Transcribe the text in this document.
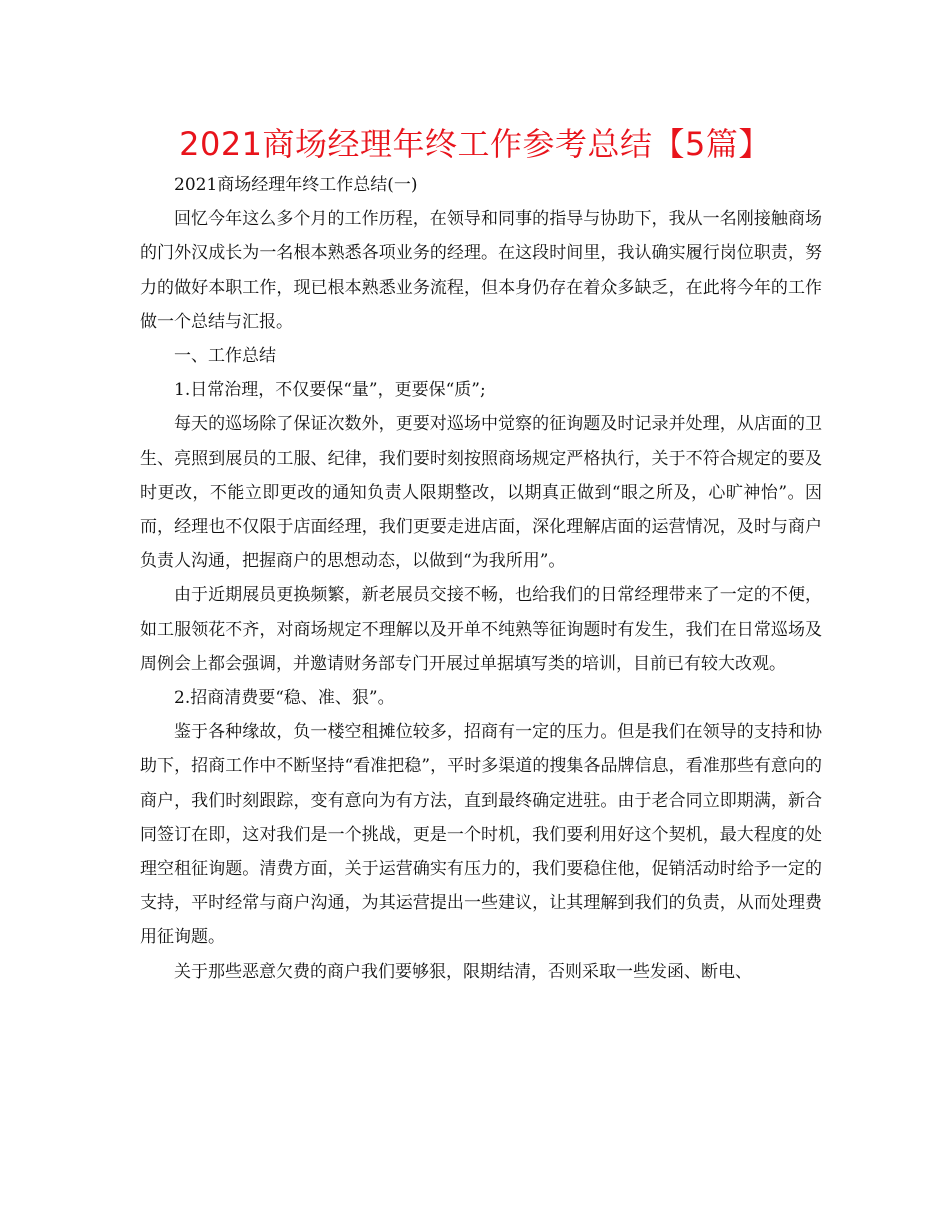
2021商场经理年终工作参考总结【5篇】

2021商场经理年终工作总结(一)

回忆今年这么多个月的工作历程，在领导和同事的指导与协助下，我从一名刚接触商场的门外汉成长为一名根本熟悉各项业务的经理。在这段时间里，我认确实履行岗位职责，努力的做好本职工作，现已根本熟悉业务流程，但本身仍存在着众多缺乏，在此将今年的工作做一个总结与汇报。

一、工作总结

1.日常治理，不仅要保“量”，更要保“质”;

每天的巡场除了保证次数外，更要对巡场中觉察的征询题及时记录并处理，从店面的卫生、亮照到展员的工服、纪律，我们要时刻按照商场规定严格执行，关于不符合规定的要及时更改，不能立即更改的通知负责人限期整改，以期真正做到“眼之所及，心旷神怡”。因而，经理也不仅限于店面经理，我们更要走进店面，深化理解店面的运营情况，及时与商户负责人沟通，把握商户的思想动态，以做到“为我所用”。

由于近期展员更换频繁，新老展员交接不畅，也给我们的日常经理带来了一定的不便，如工服领花不齐，对商场规定不理解以及开单不纯熟等征询题时有发生，我们在日常巡场及周例会上都会强调，并邀请财务部专门开展过单据填写类的培训，目前已有较大改观。

2.招商清费要“稳、准、狠”。

鉴于各种缘故，负一楼空租摊位较多，招商有一定的压力。但是我们在领导的支持和协助下，招商工作中不断坚持“看准把稳”，平时多渠道的搜集各品牌信息，看准那些有意向的商户，我们时刻跟踪，变有意向为有方法，直到最终确定进驻。由于老合同立即期满，新合同签订在即，这对我们是一个挑战，更是一个时机，我们要利用好这个契机，最大程度的处理空租征询题。清费方面，关于运营确实有压力的，我们要稳住他，促销活动时给予一定的支持，平时经常与商户沟通，为其运营提出一些建议，让其理解到我们的负责，从而处理费用征询题。

关于那些恶意欠费的商户我们要够狠，限期结清，否则采取一些发函、断电、
